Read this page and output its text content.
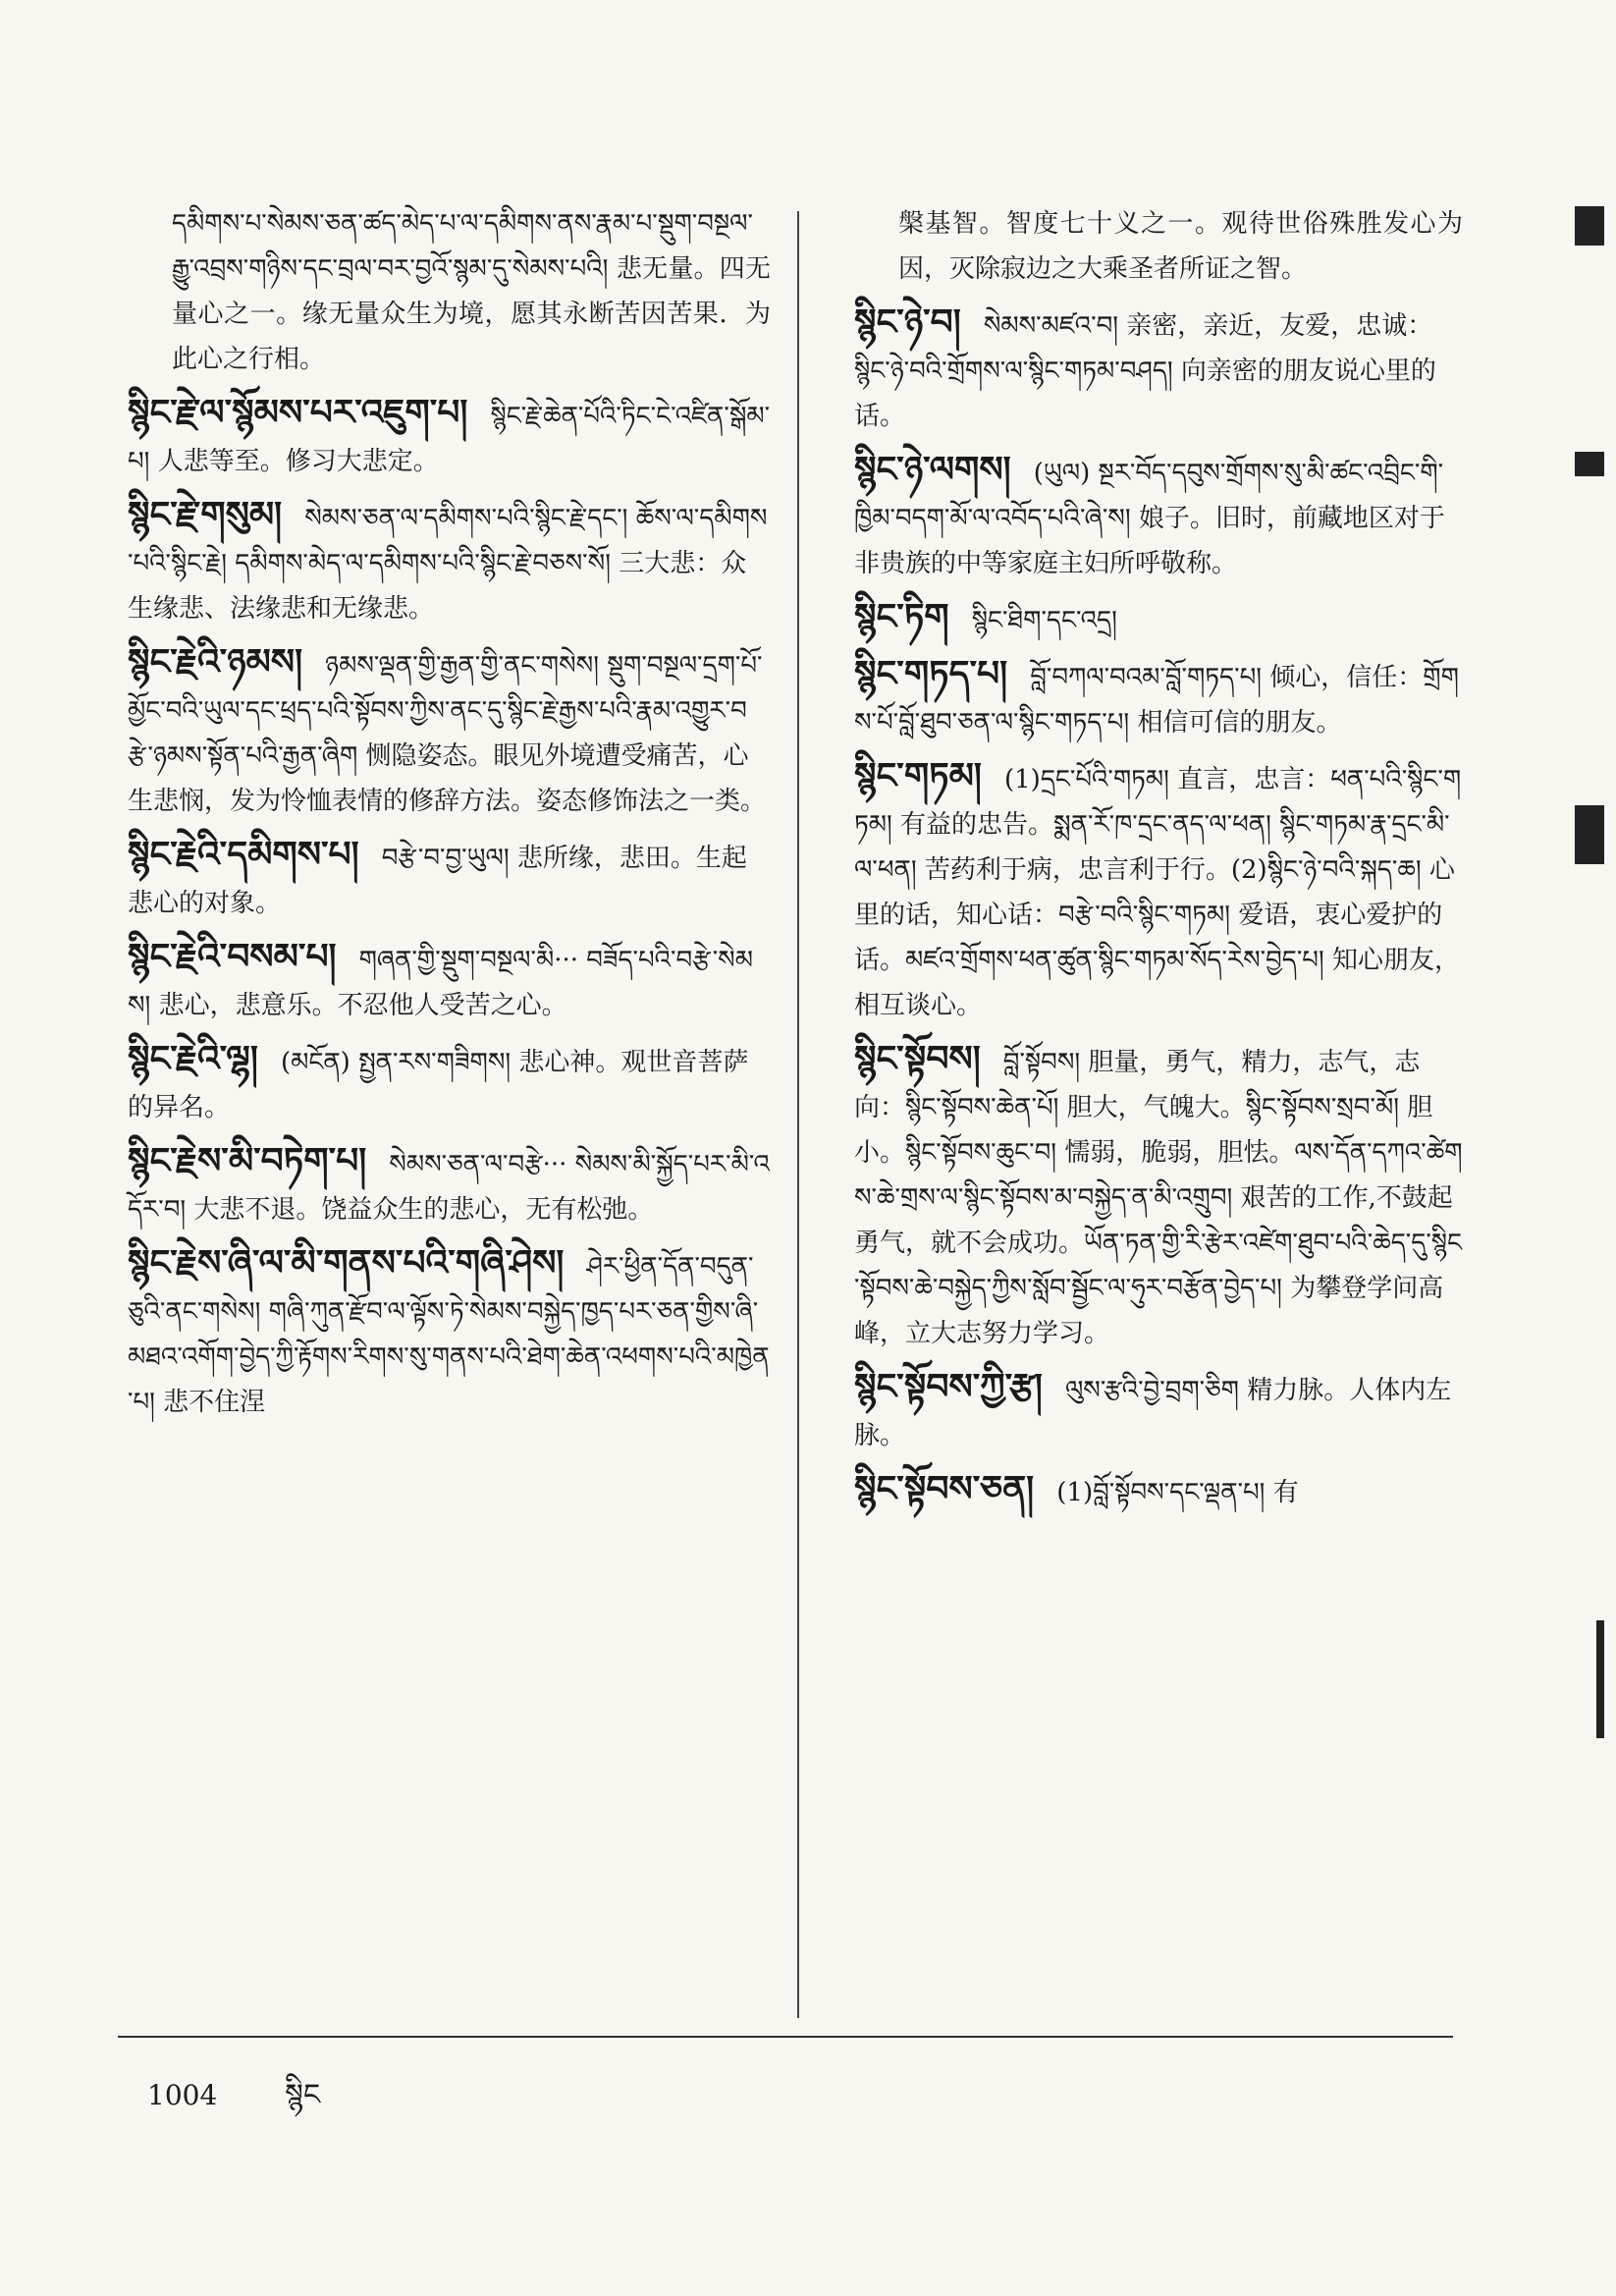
དམིགས་པ་སེམས་ཅན་ཚད་མེད་པ་ལ་དམིགས་ནས་རྣམ་པ་སྡུག་བསྔལ་རྒྱུ་འབྲས་གཉིས་དང་བྲལ་བར་བྱའོ་སྙམ་དུ་སེམས་པའི། 悲无量。四无量心之一。缘无量众生为境，愿其永断苦因苦果．为此心之行相。
སྙིང་རྗེ་ལ་སྙོམས་པར་འཇུག་པ། སྙིང་རྗེ་ཆེན་པོའི་ཏིང་ངེ་འཛིན་སྒོམ་པ། 人悲等至。修习大悲定。
སྙིང་རྗེ་གསུམ། སེམས་ཅན་ལ་དམིགས་པའི་སྙིང་རྗེ་དང་། ཆོས་ལ་དམིགས་པའི་སྙིང་རྗེ། དམིགས་མེད་ལ་དམིགས་པའི་སྙིང་རྗེ་བཅས་སོ། 三大悲：众生缘悲、法缘悲和无缘悲。
སྙིང་རྗེའི་ཉམས། ཉམས་ལྡན་གྱི་རྒྱན་གྱི་ནང་གསེས། སྡུག་བསྔལ་དྲག་པོ་མྱོང་བའི་ཡུལ་དང་ཕྲད་པའི་སྟོབས་ཀྱིས་ནང་དུ་སྙིང་རྗེ་རྒྱས་པའི་རྣམ་འགྱུར་བརྩེ་ཉམས་སྟོན་པའི་རྒྱན་ཞིག 恻隐姿态。眼见外境遭受痛苦，心生悲悯，发为怜恤表情的修辞方法。姿态修饰法之一类。
སྙིང་རྗེའི་དམིགས་པ། བརྩེ་བ་བྱ་ཡུལ། 悲所缘，悲田。生起悲心的对象。
སྙིང་རྗེའི་བསམ་པ། གཞན་གྱི་སྡུག་བསྔལ་མི··· བཟོད་པའི་བརྩེ་སེམས། 悲心，悲意乐。不忍他人受苦之心。
སྙིང་རྗེའི་ལྷ། (མངོན) སྤྱན་རས་གཟིགས། 悲心神。观世音菩萨的异名。
སྙིང་རྗེས་མི་བཏེག་པ། སེམས་ཅན་ལ་བརྩེ··· སེམས་མི་སྐྱོད་པར་མི་འདོར་བ། 大悲不退。饶益众生的悲心，无有松弛。
སྙིང་རྗེས་ཞི་ལ་མི་གནས་པའི་གཞི་ཤེས། ཤེར་ཕྱིན་དོན་བདུན་ཅུའི་ནང་གསེས། གཞི་ཀུན་རྫོབ་ལ་ལྟོས་ཏེ་སེམས་བསྐྱེད་ཁྱད་པར་ཅན་གྱིས་ཞི་མཐའ་འགོག་བྱེད་ཀྱི་རྟོགས་རིགས་སུ་གནས་པའི་ཐེག་ཆེན་འཕགས་པའི་མཁྱེན་པ། 悲不住涅
槃基智。智度七十义之一。观待世俗殊胜发心为因，灭除寂边之大乘圣者所证之智。
སྙིང་ཉེ་བ། སེམས་མཛའ་བ། 亲密，亲近，友爱，忠诚：སྙིང་ཉེ་བའི་གྲོགས་ལ་སྙིང་གཏམ་བཤད། 向亲密的朋友说心里的话。
སྙིང་ཉེ་ལགས། (ཡུལ) སྔར་བོད་དབུས་གྲོགས་སུ་མི་ཚང་འབྲིང་གི་ཁྱིམ་བདག་མོ་ལ་འབོད་པའི་ཞེ་ས། 娘子。旧时，前藏地区对于非贵族的中等家庭主妇所呼敬称。
སྙིང་ཏིག སྙིང་ཐིག་དང་འདྲ།
སྙིང་གཏད་པ། བློ་བཀལ་བའམ་བློ་གཏད་པ། 倾心，信任：གྲོགས་པོ་བློ་ཐུབ་ཅན་ལ་སྙིང་གཏད་པ། 相信可信的朋友。
སྙིང་གཏམ། (1)དྲང་པོའི་གཏམ། 直言，忠言：ཕན་པའི་སྙིང་གཏམ། 有益的忠告。སྨན་རོ་ཁ་དྲང་ནད་ལ་ཕན། སྙིང་གཏམ་རྣ་དྲང་མི་ལ་ཕན། 苦药利于病，忠言利于行。(2)སྙིང་ཉེ་བའི་སྐད་ཆ། 心里的话，知心话：བརྩེ་བའི་སྙིང་གཏམ། 爱语，衷心爱护的话。མཛའ་གྲོགས་ཕན་ཚུན་སྙིང་གཏམ་སོད་རེས་བྱེད་པ། 知心朋友，相互谈心。
སྙིང་སྟོབས། བློ་སྟོབས། 胆量，勇气，精力，志气，志向：སྙིང་སྟོབས་ཆེན་པོ། 胆大，气魄大。སྙིང་སྟོབས་སྲབ་མོ། 胆小。སྙིང་སྟོབས་ཆུང་བ། 懦弱，脆弱，胆怯。ལས་དོན་དཀའ་ཚེགས་ཆེ་གྲས་ལ་སྙིང་སྟོབས་མ་བསྐྱེད་ན་མི་འགྲུབ། 艰苦的工作,不鼓起勇气，就不会成功。ཡོན་ཏན་གྱི་རི་རྩེར་འཛེག་ཐུབ་པའི་ཆེད་དུ་སྙིང་སྟོབས་ཆེ་བསྐྱེད་ཀྱིས་སློབ་སྦྱོང་ལ་ཧུར་བརྩོན་བྱེད་པ། 为攀登学问高峰，立大志努力学习。
སྙིང་སྟོབས་ཀྱི་རྩ། ལུས་རྩའི་བྱེ་བྲག་ཅིག 精力脉。人体内左脉。
སྙིང་སྟོབས་ཅན། (1)བློ་སྟོབས་དང་ལྡན་པ། 有
1004 སྙིང
